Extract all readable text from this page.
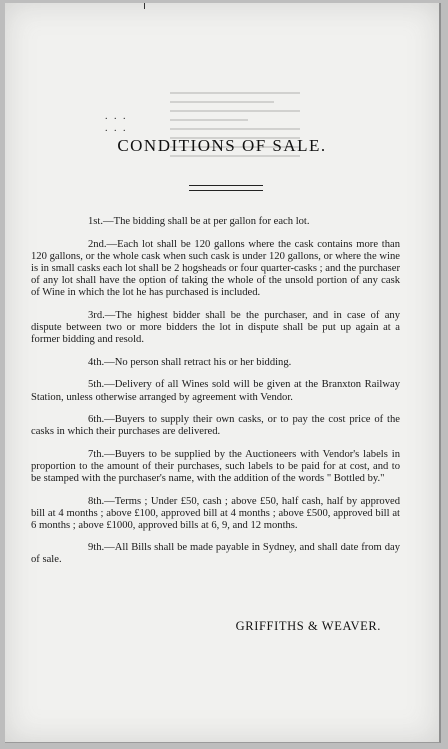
. . .
. . .
CONDITIONS OF SALE.

1st.—The bidding shall be at per gallon for each lot.

2nd.—Each lot shall be 120 gallons where the cask contains more than 120 gallons, or the whole cask when such cask is under 120 gallons, or where the wine is in small casks each lot shall be 2 hogsheads or four quarter-casks ; and the purchaser of any lot shall have the option of taking the whole of the unsold portion of any cask of Wine in which the lot he has purchased is included.

3rd.—The highest bidder shall be the purchaser, and in case of any dispute between two or more bidders the lot in dispute shall be put up again at a former bidding and resold.

4th.—No person shall retract his or her bidding.

5th.—Delivery of all Wines sold will be given at the Branxton Railway Station, unless otherwise arranged by agreement with Vendor.

6th.—Buyers to supply their own casks, or to pay the cost price of the casks in which their purchases are delivered.

7th.—Buyers to be supplied by the Auctioneers with Vendor's labels in proportion to the amount of their purchases, such labels to be paid for at cost, and to be stamped with the purchaser's name, with the addition of the words " Bottled by."

8th.—Terms ; Under £50, cash ; above £50, half cash, half by approved bill at 4 months ; above £100, approved bill at 4 months ; above £500, approved bill at 6 months ; above £1000, approved bills at 6, 9, and 12 months.

9th.—All Bills shall be made payable in Sydney, and shall date from day of sale.

GRIFFITHS & WEAVER.
